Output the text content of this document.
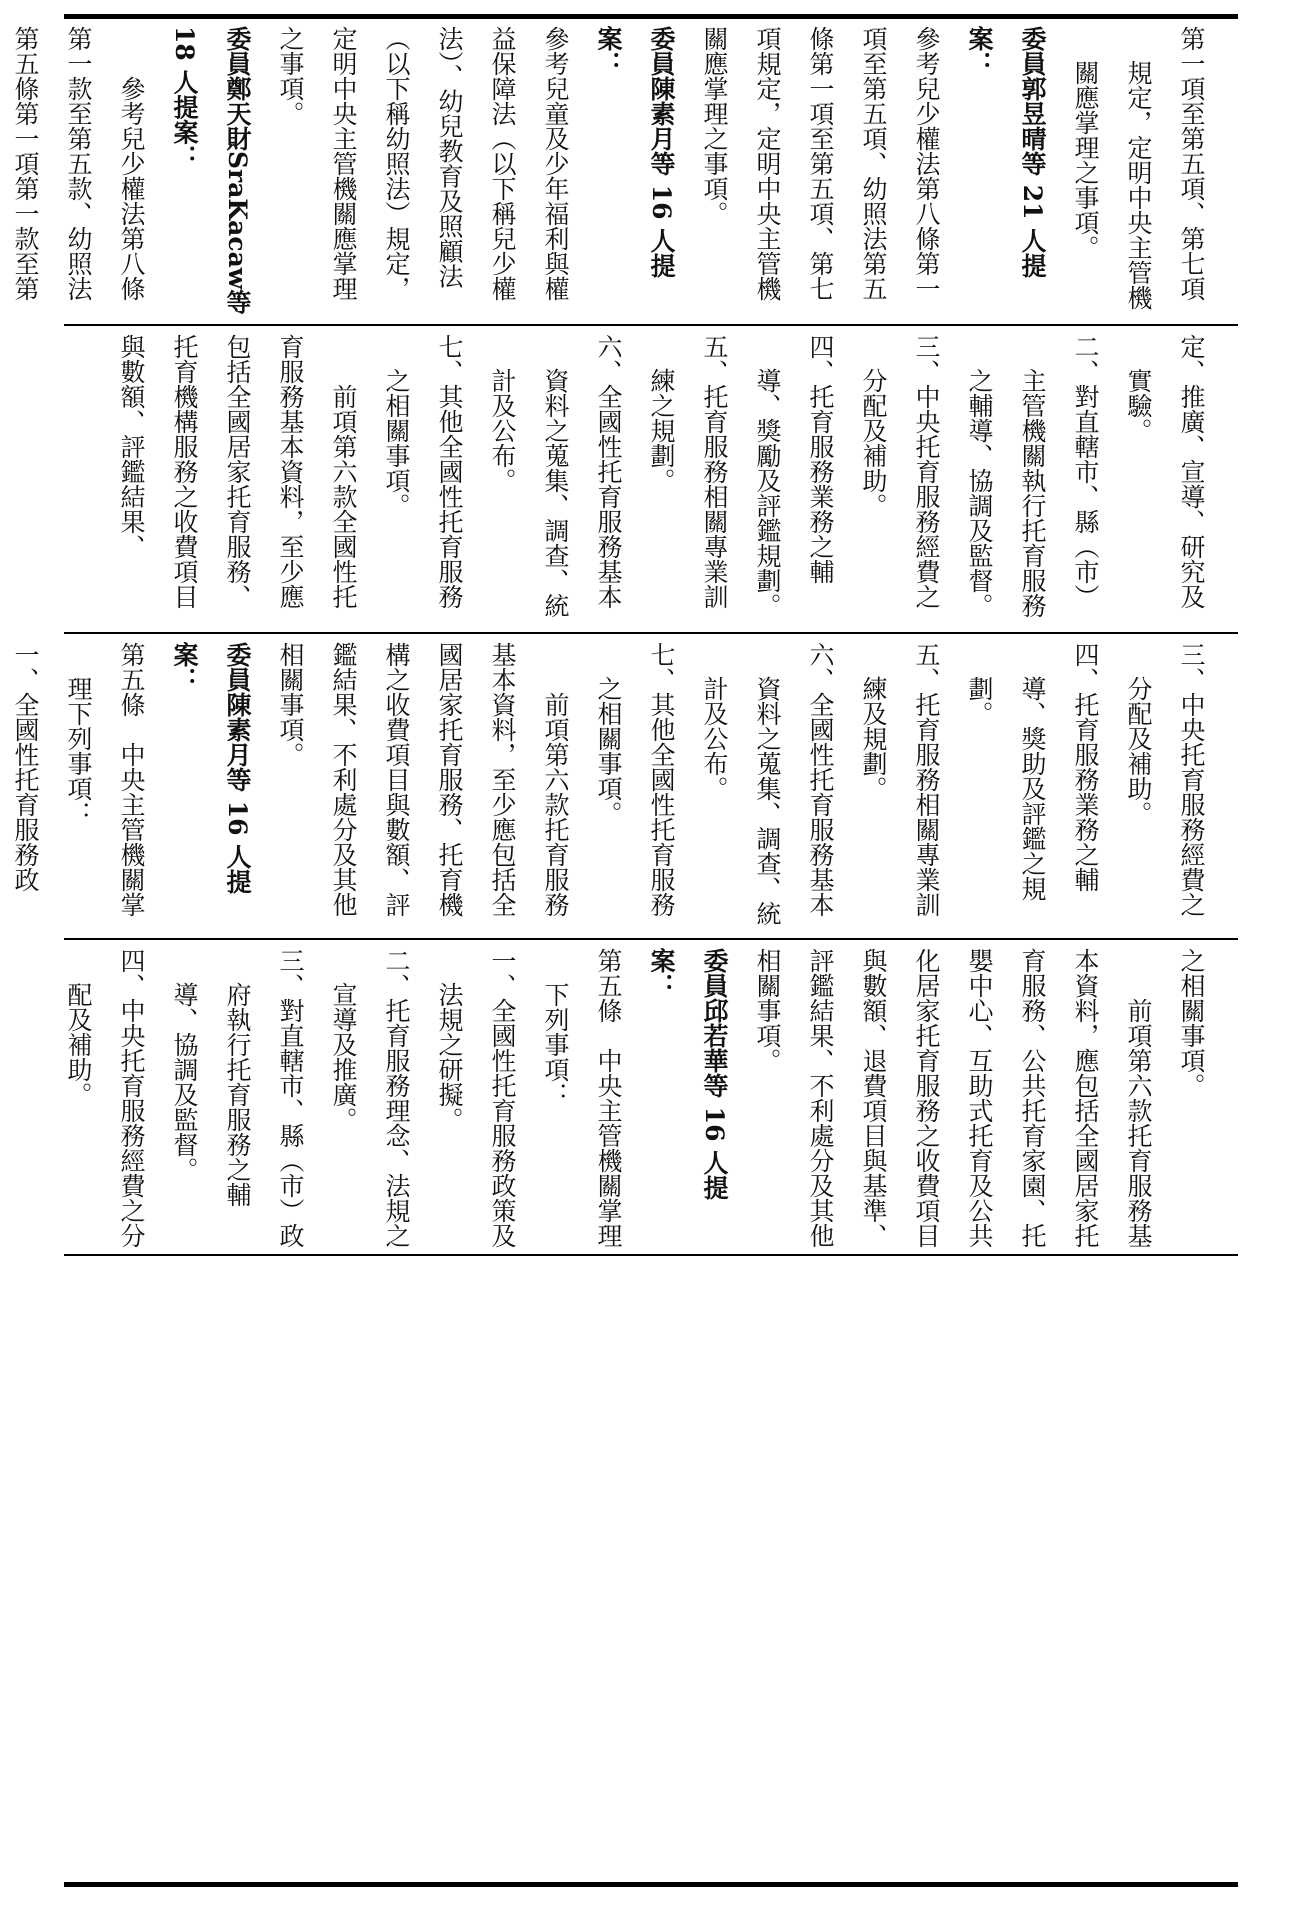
第一項至第五項、第七項規定，定明中央主管機關應掌理之事項。
委員郭昱晴等 21 人提案：
參考兒少權法第八條第一項至第五項、幼照法第五條第一項至第五項、第七項規定，定明中央主管機關應掌理之事項。
委員陳素月等 16 人提案：
參考兒童及少年福利與權益保障法（以下稱兒少權法）、幼兒教育及照顧法（以下稱幼照法）規定，定明中央主管機關應掌理之事項。
委員鄭天財SraKacaw等 18 人提案：
參考兒少權法第八條第一款至第五款、幼照法第五條第一項第一款至第
定、推廣、宣導、研究及實驗。
二、對直轄市、縣（市）主管機關執行托育服務之輔導、協調及監督。
三、中央托育服務經費之分配及補助。
四、托育服務業務之輔導、獎勵及評鑑規劃。
五、托育服務相關專業訓練之規劃。
六、全國性托育服務基本資料之蒐集、調查、統計及公布。
七、其他全國性托育服務之相關事項。
前項第六款全國性托育服務基本資料，至少應包括全國居家托育服務、托育機構服務之收費項目與數額、評鑑結果、
三、中央托育服務經費之分配及補助。
四、托育服務業務之輔導、獎助及評鑑之規劃。
五、托育服務相關專業訓練及規劃。
六、全國性托育服務基本資料之蒐集、調查、統計及公布。
七、其他全國性托育服務之相關事項。
前項第六款托育服務基本資料，至少應包括全國居家托育服務、托育機構之收費項目與數額、評鑑結果、不利處分及其他相關事項。
委員陳素月等 16 人提案：
第五條　中央主管機關掌理下列事項：
一、全國性托育服務政
之相關事項。
前項第六款托育服務基本資料，應包括全國居家托育服務、公共托育家園、托嬰中心、互助式托育及公共化居家托育服務之收費項目與數額、退費項目與基準、評鑑結果、不利處分及其他相關事項。
委員邱若華等 16 人提案：
第五條　中央主管機關掌理下列事項：
一、全國性托育服務政策及法規之研擬。
二、托育服務理念、法規之宣導及推廣。
三、對直轄市、縣（市）政府執行托育服務之輔導、協調及監督。
四、中央托育服務經費之分配及補助。
